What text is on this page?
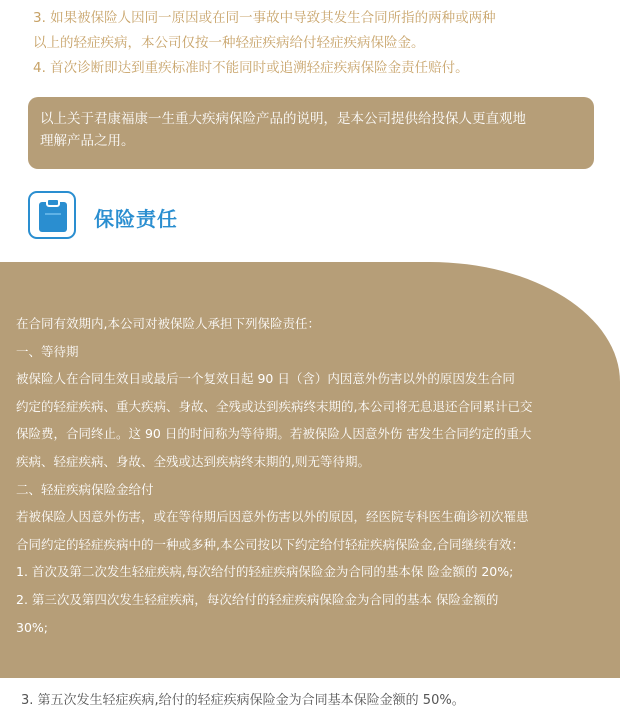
3. 如果被保险人因同一原因或在同一事故中导致其发生合同所指的两种或两种

以上的轻症疾病，本公司仅按一种轻症疾病给付轻症疾病保险金。

4. 首次诊断即达到重疾标准时不能同时或追溯轻症疾病保险金责任赔付。

以上关于君康福康一生重大疾病保险产品的说明，是本公司提供给投保人更直观地
理解产品之用。
保险责任

在合同有效期内,本公司对被保险人承担下列保险责任：

一、等待期

被保险人在合同生效日或最后一个复效日起 90 日（含）内因意外伤害以外的原因发生合同

约定的轻症疾病、重大疾病、身故、全残或达到疾病终末期的,本公司将无息退还合同累计已交

保险费，合同终止。这 90 日的时间称为等待期。若被保险人因意外伤 害发生合同约定的重大

疾病、轻症疾病、身故、全残或达到疾病终末期的,则无等待期。

二、轻症疾病保险金给付

若被保险人因意外伤害，或在等待期后因意外伤害以外的原因，经医院专科医生确诊初次罹患

合同约定的轻症疾病中的一种或多种,本公司按以下约定给付轻症疾病保险金,合同继续有效：

1. 首次及第二次发生轻症疾病,每次给付的轻症疾病保险金为合同的基本保 险金额的 20%;

2. 第三次及第四次发生轻症疾病，每次给付的轻症疾病保险金为合同的基本 保险金额的

30%;

3. 第五次发生轻症疾病,给付的轻症疾病保险金为合同基本保险金额的 50%。
